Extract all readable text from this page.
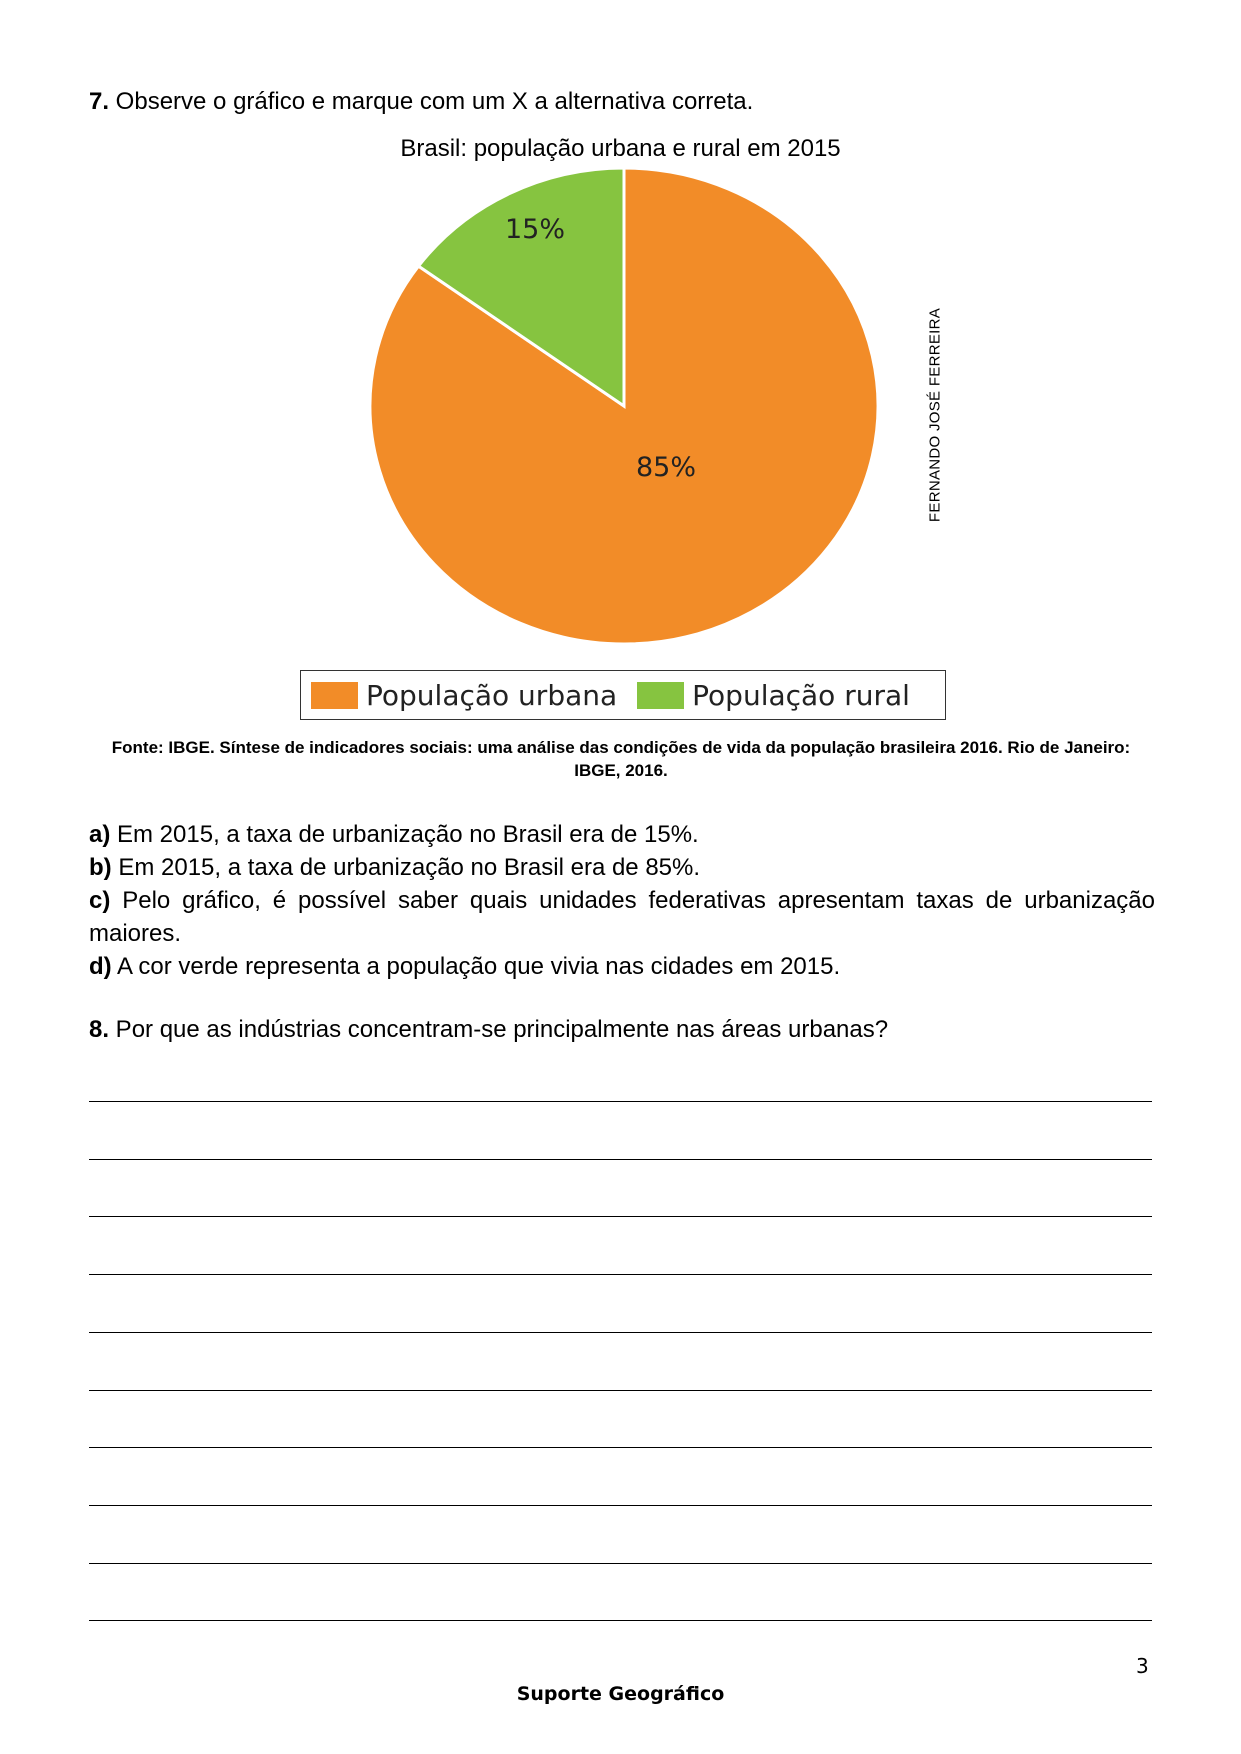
7. Observe o gráfico e marque com um X a alternativa correta.
Brasil: população urbana e rural em 2015
85%
15%
FERNANDO JOSÉ FERREIRA
População urbana	População rural
Fonte: IBGE. Síntese de indicadores sociais: uma análise das condições de vida da população brasileira 2016. Rio de Janeiro: IBGE, 2016.

a) Em 2015, a taxa de urbanização no Brasil era de 15%.

b) Em 2015, a taxa de urbanização no Brasil era de 85%.

c) Pelo gráfico, é possível saber quais unidades federativas apresentam taxas de urbanização maiores.

d) A cor verde representa a população que vivia nas cidades em 2015.

8. Por que as indústrias concentram-se principalmente nas áreas urbanas?
3
Suporte Geográfico
